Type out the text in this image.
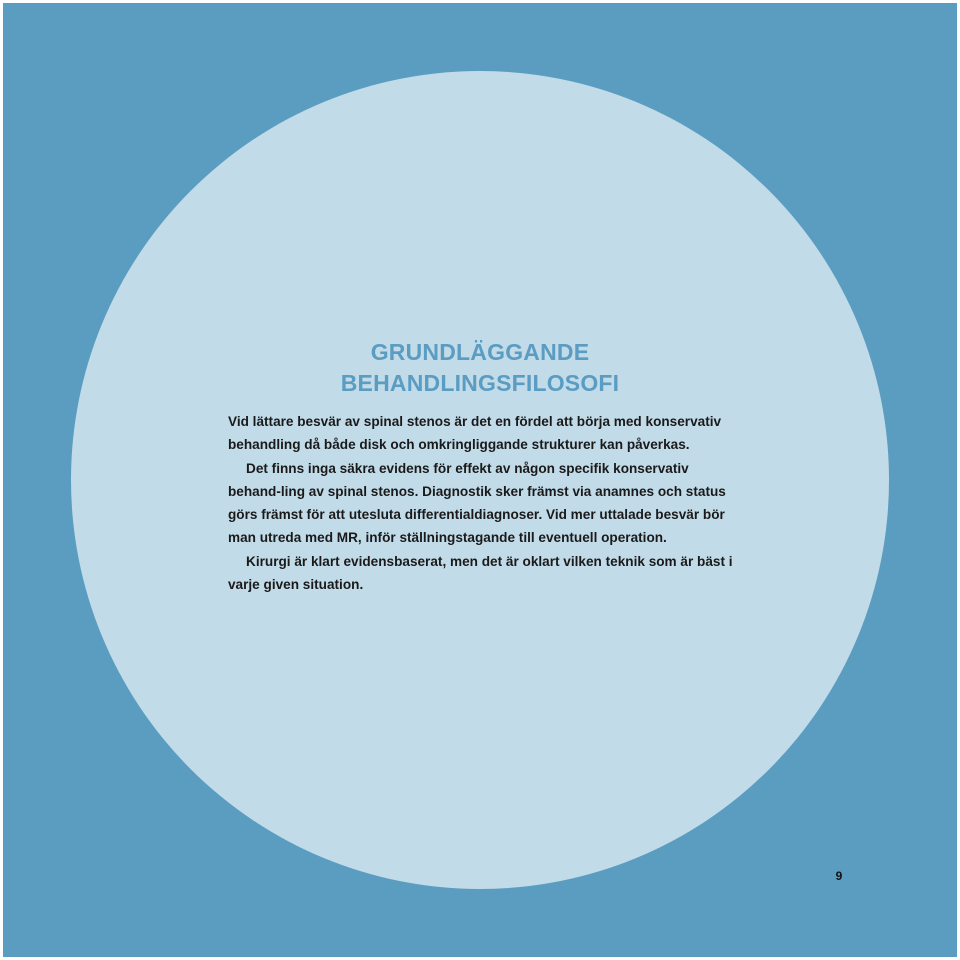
GRUNDLÄGGANDE
BEHANDLINGSFILOSOFI

Vid lättare besvär av spinal stenos är det en fördel att börja med konservativ behandling då både disk och omkringliggande strukturer kan påverkas.

Det finns inga säkra evidens för effekt av någon specifik konservativ behand-ling av spinal stenos. Diagnostik sker främst via anamnes och status görs främst för att utesluta differentialdiagnoser. Vid mer uttalade besvär bör man utreda med MR, inför ställningstagande till eventuell operation.

Kirurgi är klart evidensbaserat, men det är oklart vilken teknik som är bäst i varje given situation.

9
